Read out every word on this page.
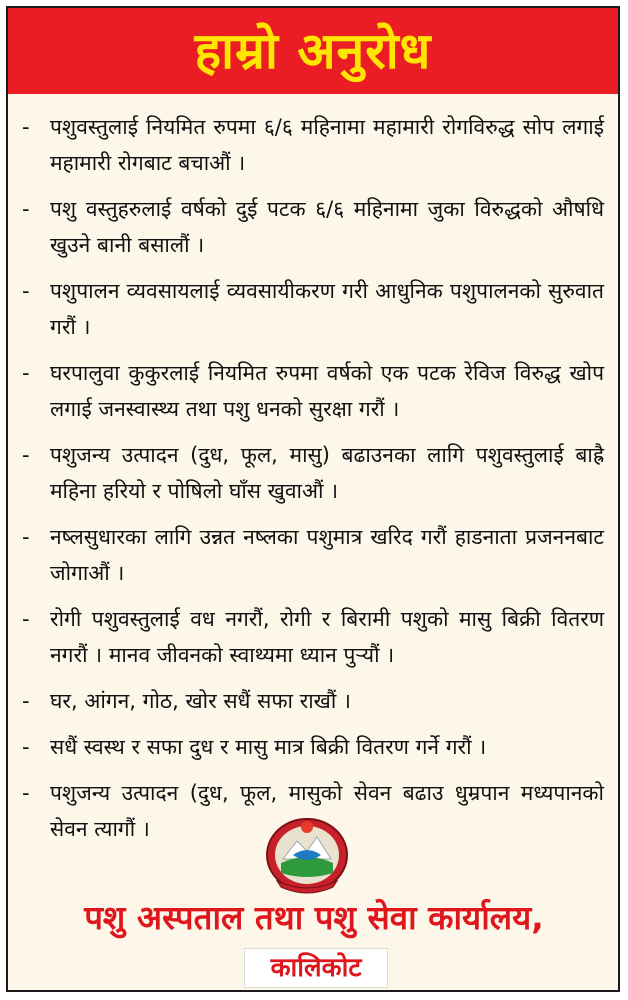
हाम्रो अनुरोध
- पशुवस्तुलाई नियमित रुपमा ६/६ महिनामा महामारी रोगविरुद्ध सोप लगाई महामारी रोगबाट बचाऔं ।
- पशु वस्तुहरुलाई वर्षको दुई पटक ६/६ महिनामा जुका विरुद्धको औषधि खुउने बानी बसालौं ।
- पशुपालन व्यवसायलाई व्यवसायीकरण गरी आधुनिक पशुपालनको सुरुवात गरौं ।
- घरपालुवा कुकुरलाई नियमित रुपमा वर्षको एक पटक रेविज विरुद्ध खोप लगाई जनस्वास्थ्य तथा पशु धनको सुरक्षा गरौं ।
- पशुजन्य उत्पादन (दुध, फूल, मासु) बढाउनका लागि पशुवस्तुलाई बाह्रै महिना हरियो र पोषिलो घाँस खुवाऔं ।
- नष्लसुधारका लागि उन्नत नष्लका पशुमात्र खरिद गरौं हाडनाता प्रजननबाट जोगाऔं ।
- रोगी पशुवस्तुलाई वध नगरौं, रोगी र बिरामी पशुको मासु बिक्री वितरण नगरौं । मानव जीवनको स्वाथ्यमा ध्यान पुर्‍यौं ।
- घर, आंगन, गोठ, खोर सधैं सफा राखौं ।
- सधैं स्वस्थ र सफा दुध र मासु मात्र बिक्री वितरण गर्ने गरौं ।
- पशुजन्य उत्पादन (दुध, फूल, मासुको सेवन बढाउ धुम्रपान मध्यपानको सेवन त्यागौं ।
पशु अस्पताल तथा पशु सेवा कार्यालय,
कालिकोट
